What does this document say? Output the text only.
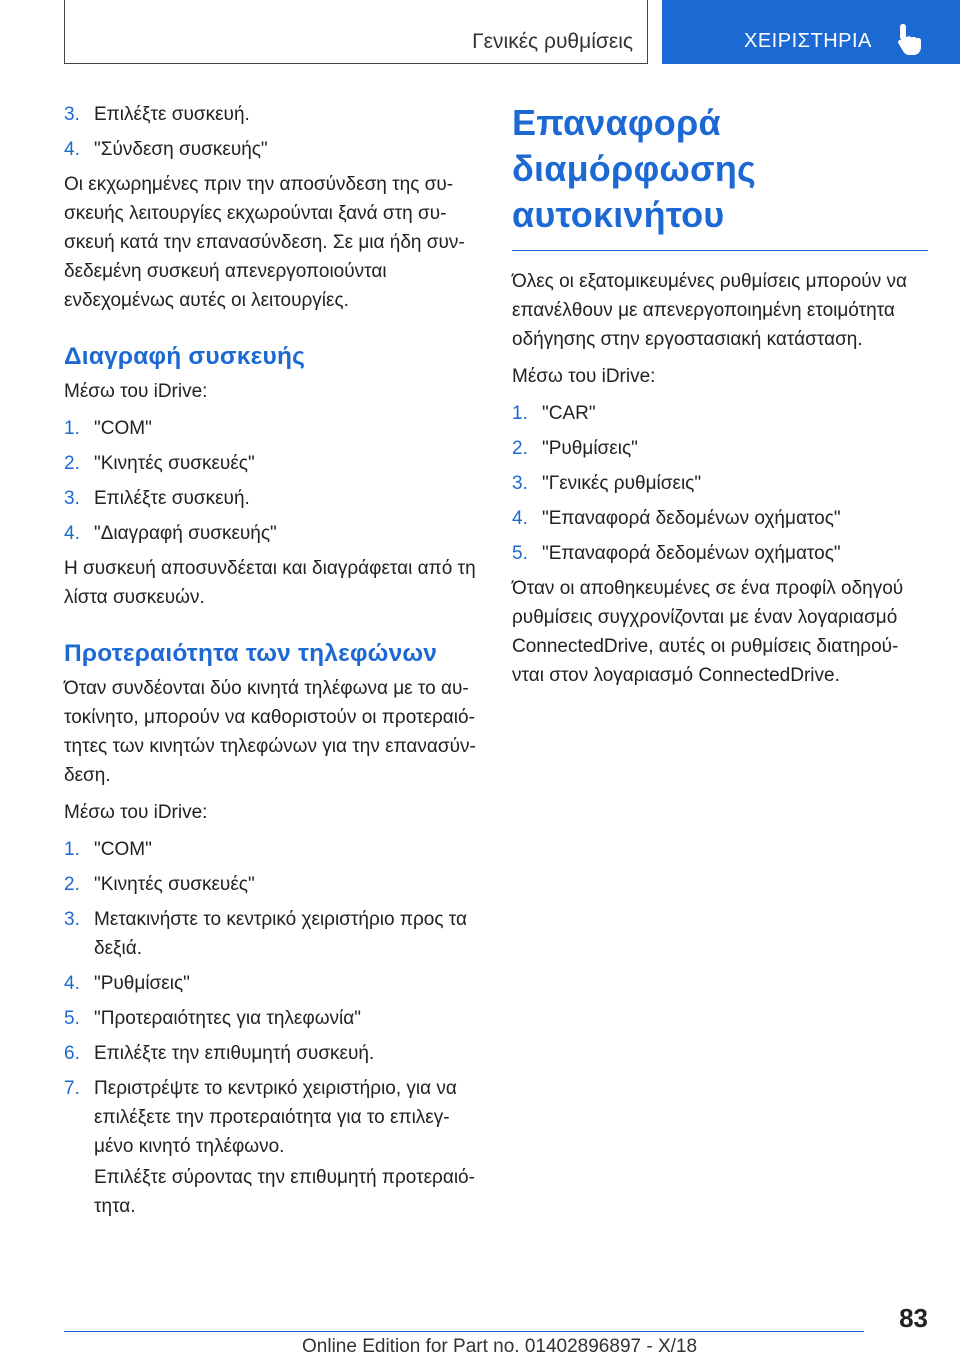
Γενικές ρυθμίσεις	ΧΕΙΡΙΣΤΗΡΙΑ
3. Επιλέξτε συσκευή.
4. "Σύνδεση συσκευής"

Οι εκχωρημένες πριν την αποσύνδεση της συ-σκευής λειτουργίες εκχωρούνται ξανά στη συ-σκευή κατά την επανασύνδεση. Σε μια ήδη συν-δεδεμένη συσκευή απενεργοποιούνται ενδεχομένως αυτές οι λειτουργίες.

Διαγραφή συσκευής

Μέσω του iDrive:

1. "COM"
2. "Κινητές συσκευές"
3. Επιλέξτε συσκευή.
4. "Διαγραφή συσκευής"

Η συσκευή αποσυνδέεται και διαγράφεται από τη λίστα συσκευών.

Προτεραιότητα των τηλεφώνων

Όταν συνδέονται δύο κινητά τηλέφωνα με το αυ-τοκίνητο, μπορούν να καθοριστούν οι προτεραιό-τητες των κινητών τηλεφώνων για την επανασύν-δεση.

Μέσω του iDrive:

1. "COM"
2. "Κινητές συσκευές"
3. Μετακινήστε το κεντρικό χειριστήριο προς τα δεξιά.
4. "Ρυθμίσεις"
5. "Προτεραιότητες για τηλεφωνία"
6. Επιλέξτε την επιθυμητή συσκευή.
7. Περιστρέψτε το κεντρικό χειριστήριο, για να επιλέξετε την προτεραιότητα για το επιλεγ-μένο κινητό τηλέφωνο.

Επιλέξτε σύροντας την επιθυμητή προτεραιό-τητα.

Επαναφορά διαμόρφωσης αυτοκινήτου

Όλες οι εξατομικευμένες ρυθμίσεις μπορούν να επανέλθουν με απενεργοποιημένη ετοιμότητα οδήγησης στην εργοστασιακή κατάσταση.

Μέσω του iDrive:

1. "CAR"
2. "Ρυθμίσεις"
3. "Γενικές ρυθμίσεις"
4. "Επαναφορά δεδομένων οχήματος"
5. "Επαναφορά δεδομένων οχήματος"

Όταν οι αποθηκευμένες σε ένα προφίλ οδηγού ρυθμίσεις συγχρονίζονται με έναν λογαριασμό ConnectedDrive, αυτές οι ρυθμίσεις διατηρού-νται στον λογαριασμό ConnectedDrive.

83
Online Edition for Part no. 01402896897 - X/18
